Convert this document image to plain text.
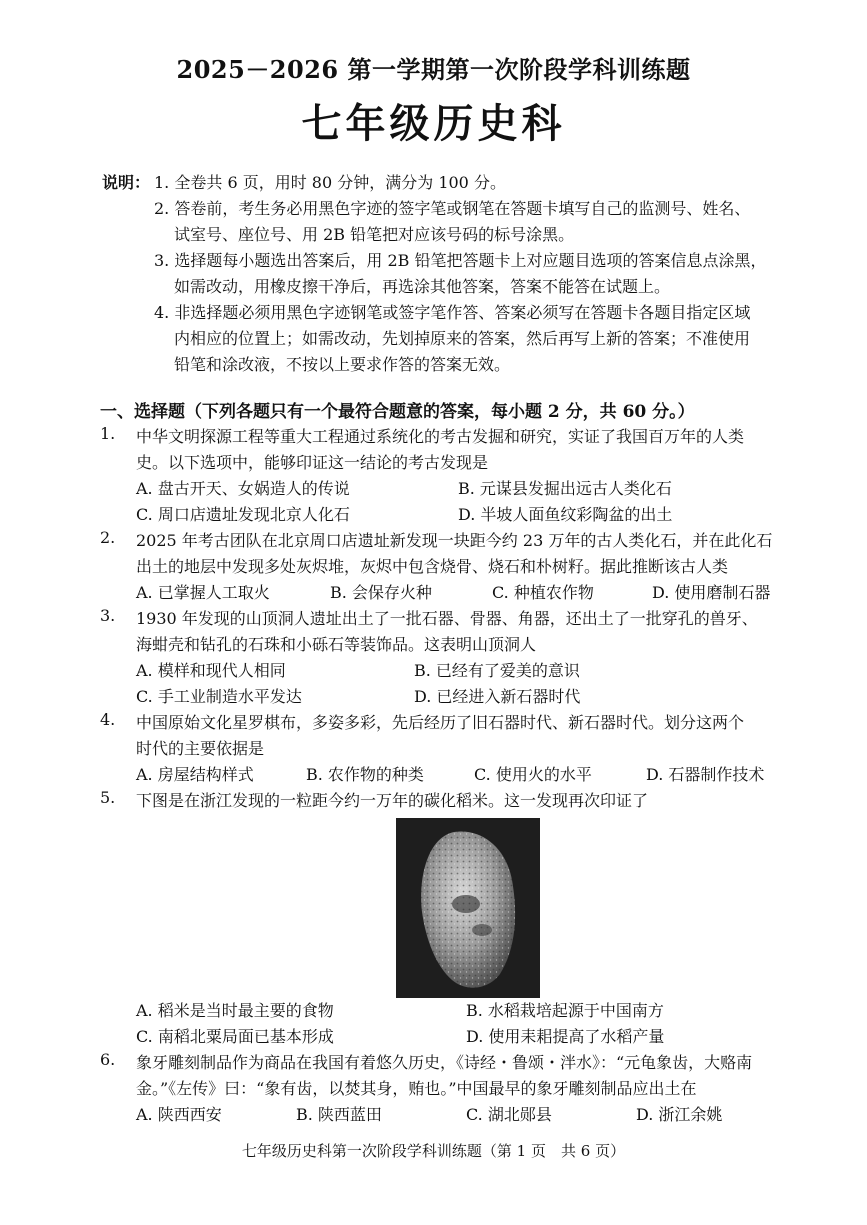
2025－2026 第一学期第一次阶段学科训练题
七年级历史科
说明： 1. 全卷共 6 页，用时 80 分钟，满分为 100 分。
2. 答卷前，考生务必用黑色字迹的签字笔或钢笔在答题卡填写自己的监测号、姓名、
试室号、座位号、用 2B 铅笔把对应该号码的标号涂黑。
3. 选择题每小题选出答案后，用 2B 铅笔把答题卡上对应题目选项的答案信息点涂黑，
如需改动，用橡皮擦干净后，再选涂其他答案，答案不能答在试题上。
4. 非选择题必须用黑色字迹钢笔或签字笔作答、答案必须写在答题卡各题目指定区域
内相应的位置上；如需改动，先划掉原来的答案，然后再写上新的答案；不准使用
铅笔和涂改液，不按以上要求作答的答案无效。
一、选择题（下列各题只有一个最符合题意的答案，每小题 2 分，共 60 分。）
1.	中华文明探源工程等重大工程通过系统化的考古发掘和研究，实证了我国百万年的人类
史。以下选项中，能够印证这一结论的考古发现是
A. 盘古开天、女娲造人的传说	B. 元谋县发掘出远古人类化石
C. 周口店遗址发现北京人化石	D. 半坡人面鱼纹彩陶盆的出土
2.	2025 年考古团队在北京周口店遗址新发现一块距今约 23 万年的古人类化石，并在此化石
出土的地层中发现多处灰烬堆，灰烬中包含烧骨、烧石和朴树籽。据此推断该古人类
A. 已掌握人工取火	B. 会保存火种	C. 种植农作物	D. 使用磨制石器
3.	1930 年发现的山顶洞人遗址出土了一批石器、骨器、角器，还出土了一批穿孔的兽牙、
海蚶壳和钻孔的石珠和小砾石等装饰品。这表明山顶洞人
A. 模样和现代人相同	B. 已经有了爱美的意识
C. 手工业制造水平发达	D. 已经进入新石器时代
4.	中国原始文化星罗棋布，多姿多彩，先后经历了旧石器时代、新石器时代。划分这两个
时代的主要依据是
A. 房屋结构样式	B. 农作物的种类	C. 使用火的水平	D. 石器制作技术
5.	下图是在浙江发现的一粒距今约一万年的碳化稻米。这一发现再次印证了
A. 稻米是当时最主要的食物	B. 水稻栽培起源于中国南方
C. 南稻北粟局面已基本形成	D. 使用耒耜提高了水稻产量
6.	象牙雕刻制品作为商品在我国有着悠久历史，《诗经・鲁颂・泮水》：“元龟象齿，大赂南
金。”《左传》曰：“象有齿，以焚其身，贿也。”中国最早的象牙雕刻制品应出土在
A. 陕西西安	B. 陕西蓝田	C. 湖北郧县	D. 浙江余姚
七年级历史科第一次阶段学科训练题（第 1 页　共 6 页）
